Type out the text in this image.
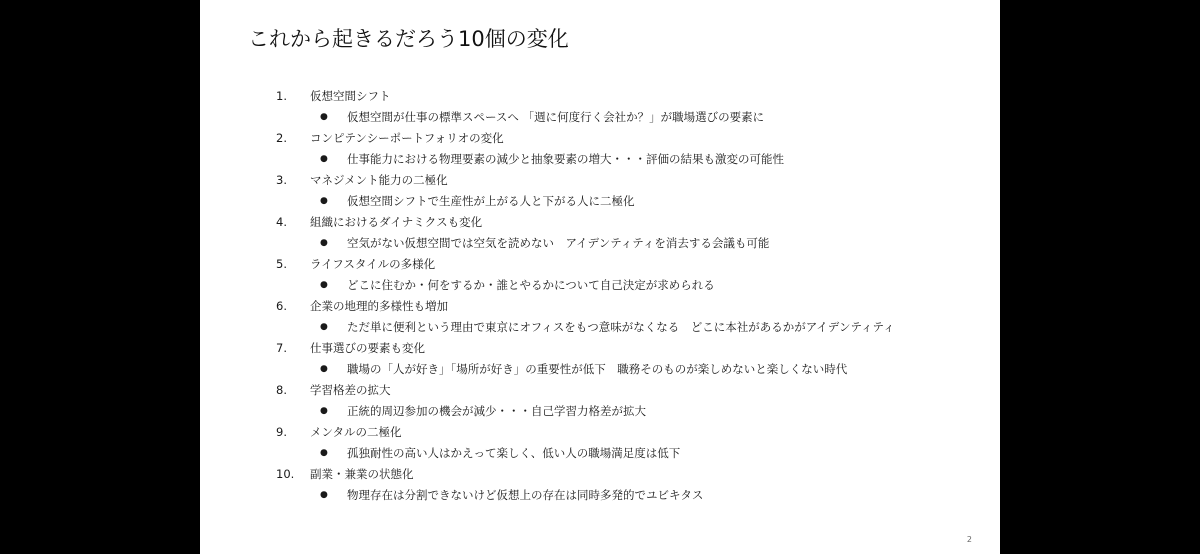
これから起きるだろう10個の変化
1.	仮想空間シフト
●	仮想空間が仕事の標準スペースへ 「週に何度行く会社か？」が職場選びの要素に
2.	コンピテンシーポートフォリオの変化
●	仕事能力における物理要素の減少と抽象要素の増大・・・評価の結果も激変の可能性
3.	マネジメント能力の二極化
●	仮想空間シフトで生産性が上がる人と下がる人に二極化
4.	組織におけるダイナミクスも変化
●	空気がない仮想空間では空気を読めない　アイデンティティを消去する会議も可能
5.	ライフスタイルの多様化
●	どこに住むか・何をするか・誰とやるかについて自己決定が求められる
6.	企業の地理的多様性も増加
●	ただ単に便利という理由で東京にオフィスをもつ意味がなくなる　どこに本社があるかがアイデンティティ
7.	仕事選びの要素も変化
●	職場の「人が好き」「場所が好き」の重要性が低下　職務そのものが楽しめないと楽しくない時代
8.	学習格差の拡大
●	正統的周辺参加の機会が減少・・・自己学習力格差が拡大
9.	メンタルの二極化
●	孤独耐性の高い人はかえって楽しく、低い人の職場満足度は低下
10.	副業・兼業の状態化
●	物理存在は分割できないけど仮想上の存在は同時多発的でユビキタス
2
